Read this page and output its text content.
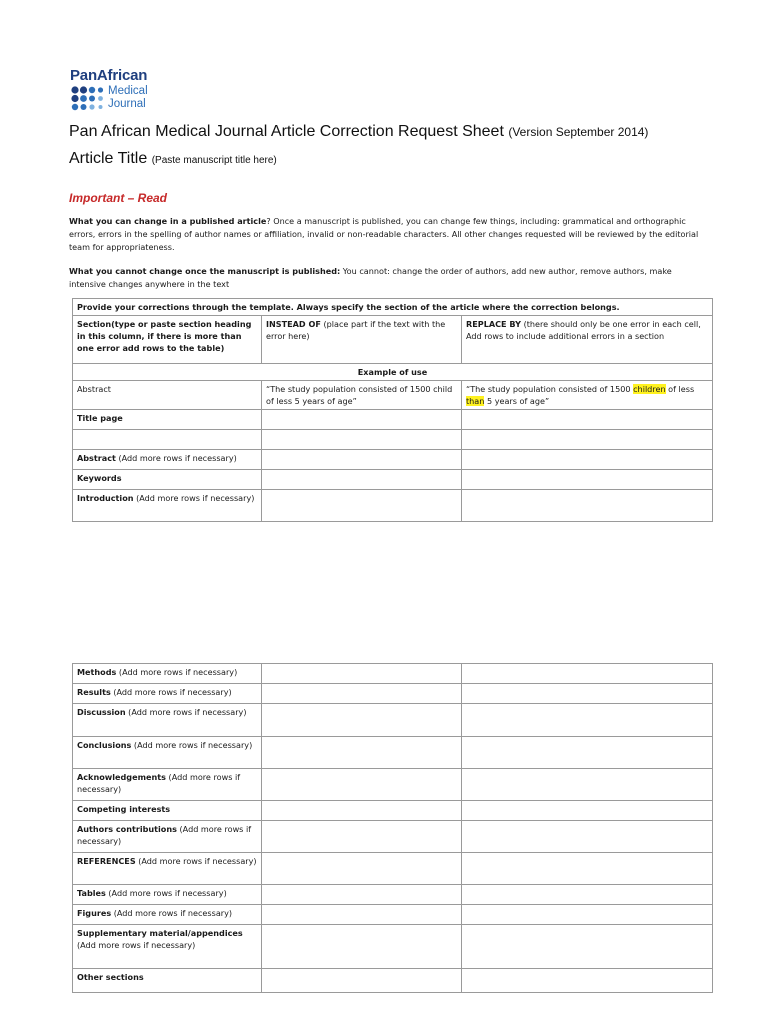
PanAfrican
Medical
Journal
Pan African Medical Journal Article Correction Request Sheet (Version September 2014)
Article Title (Paste manuscript title here)
Important – Read
What you can change in a published article? Once a manuscript is published, you can change few things, including: grammatical and orthographic errors, errors in the spelling of author names or affiliation, invalid or non-readable characters. All other changes requested will be reviewed by the editorial team for appropriateness.
What you cannot change once the manuscript is published: You cannot: change the order of authors, add new author, remove authors, make intensive changes anywhere in the text
Provide your corrections through the template. Always specify the section of the article where the correction belongs.		
Section(type or paste section heading in this column, if there is more than one error add rows to the table)	INSTEAD OF (place part if the text with the error here)	REPLACE BY (there should only be one error in each cell, Add rows to include additional errors in a section
Example of use		
Abstract	“The study population consisted of 1500 child of less 5 years of age”	“The study population consisted of 1500 children of less than 5 years of age”
Title page		

Abstract (Add more rows if necessary)		
Keywords		
Introduction (Add more rows if necessary)		
Methods (Add more rows if necessary)		
Results (Add more rows if necessary)		
Discussion (Add more rows if necessary)		
Conclusions (Add more rows if necessary)		
Acknowledgements (Add more rows if necessary)		
Competing interests		
Authors contributions (Add more rows if necessary)		
REFERENCES (Add more rows if necessary)		
Tables (Add more rows if necessary)		
Figures (Add more rows if necessary)		
Supplementary material/appendices (Add more rows if necessary)		
Other sections		
